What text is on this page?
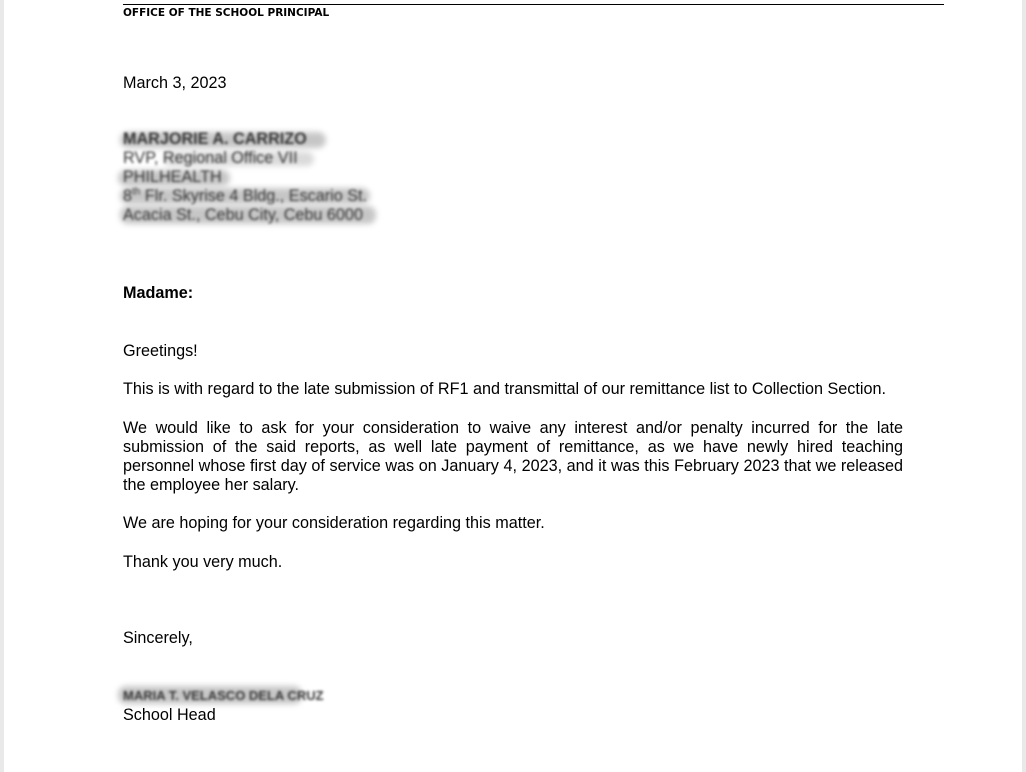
OFFICE OF THE SCHOOL PRINCIPAL
March 3, 2023
MARJORIE A. CARRIZO
RVP, Regional Office VII
PHILHEALTH
8th Flr. Skyrise 4 Bldg., Escario St.
Acacia St., Cebu City, Cebu 6000
Madame:
Greetings!
This is with regard to the late submission of RF1 and transmittal of our remittance list to Collection Section.
We would like to ask for your consideration to waive any interest and/or penalty incurred for the late submission of the said reports, as well late payment of remittance, as we have newly hired teaching personnel whose first day of service was on January 4, 2023, and it was this February 2023 that we released the employee her salary.
We are hoping for your consideration regarding this matter.
Thank you very much.
Sincerely,
MARIA T. VELASCO DELA CRUZ
School Head
